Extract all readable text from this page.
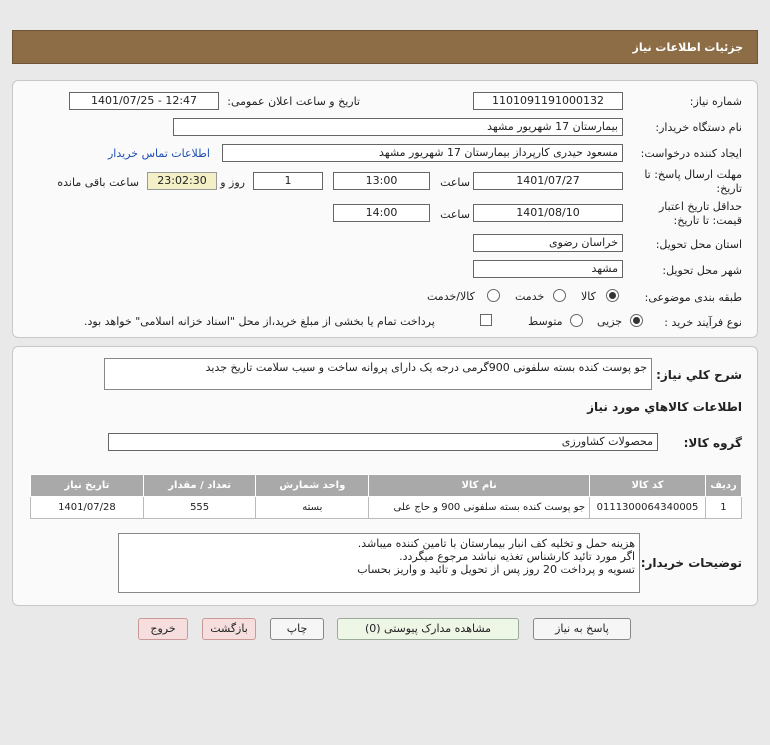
جزئیات اطلاعات نیاز
شماره نیاز:
1101091191000132
تاریخ و ساعت اعلان عمومی:
1401/07/25 - 12:47
نام دستگاه خریدار:
بیمارستان 17 شهریور مشهد
ایجاد کننده درخواست:
مسعود حیدری کارپرداز بیمارستان 17 شهریور مشهد
اطلاعات تماس خریدار
مهلت ارسال پاسخ: تا
تاریخ:
1401/07/27
ساعت
13:00
1
روز و
23:02:30
ساعت باقی مانده
حداقل تاریخ اعتبار
قیمت: تا تاریخ:
1401/08/10
ساعت
14:00
استان محل تحویل:
خراسان رضوی
شهر محل تحویل:
مشهد
طبقه بندی موضوعی:
کالا
خدمت
کالا/خدمت
نوع فرآیند خرید :
جزیی
متوسط
پرداخت تمام یا بخشی از مبلغ خرید،از محل "اسناد خزانه اسلامی" خواهد بود.
شرح کلي نياز:
جو پوست کنده بسته سلفونی 900گرمی درجه یک دارای پروانه ساخت و سیب سلامت تاریخ جدید
اطلاعات کالاهاي مورد نياز
گروه کالا:
محصولات کشاورزی
ردیف	کد کالا	نام کالا	واحد شمارش	تعداد / مقدار	تاریخ نیاز
1	0111300064340005	جو پوست کنده بسته سلفونی 900 و حاج علی	بسته	555	1401/07/28
توضیحات خریدار:
هزینه حمل و تخلیه کف انبار بیمارستان با تامین کننده میباشد.
اگر مورد تائید کارشناس تغذیه نباشد مرجوع میگردد.
تسویه و پرداخت 20 روز پس از تحویل و تائید و واریز بحساب
پاسخ به نیاز
مشاهده مدارک پیوستی (0)
چاپ
بازگشت
خروج
